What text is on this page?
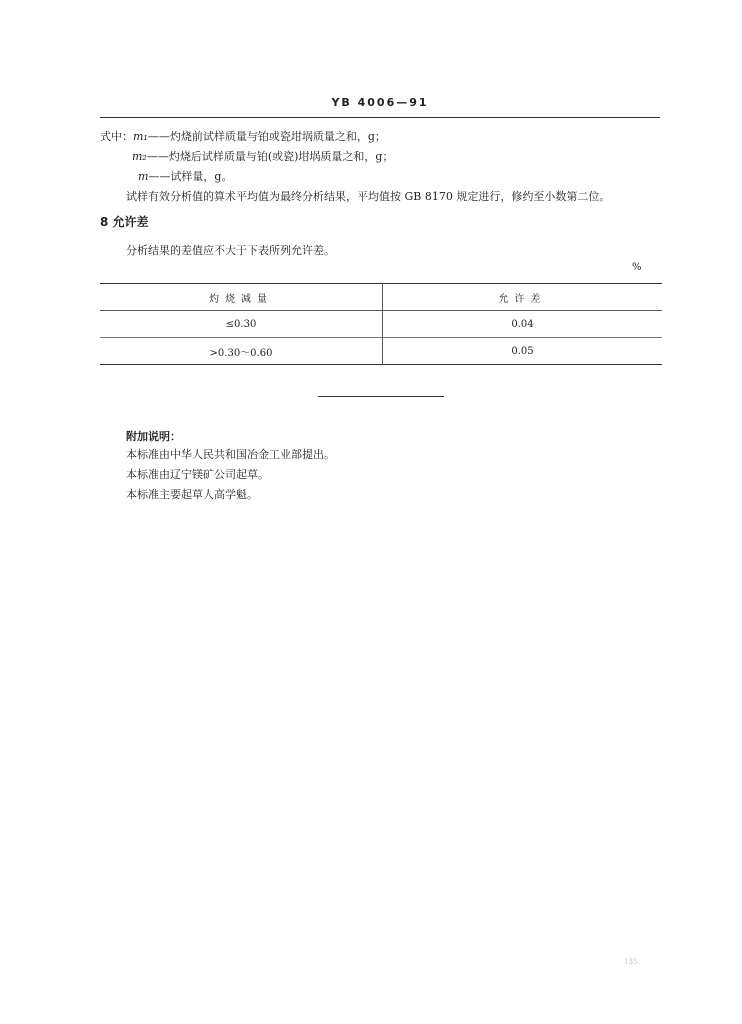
YB 4006—91
式中：m₁——灼烧前试样质量与铂或瓷坩埚质量之和，g；
m₂——灼烧后试样质量与铂(或瓷)坩埚质量之和，g；
m——试样量，g。
试样有效分析值的算术平均值为最终分析结果，平均值按 GB 8170 规定进行，修约至小数第二位。
8 允许差
分析结果的差值应不大于下表所列允许差。
%
灼烧减量	允许差
≤0.30	0.04
>0.30～0.60	0.05
附加说明：
本标准由中华人民共和国冶金工业部提出。
本标准由辽宁镁矿公司起草。
本标准主要起草人高学魁。
135
